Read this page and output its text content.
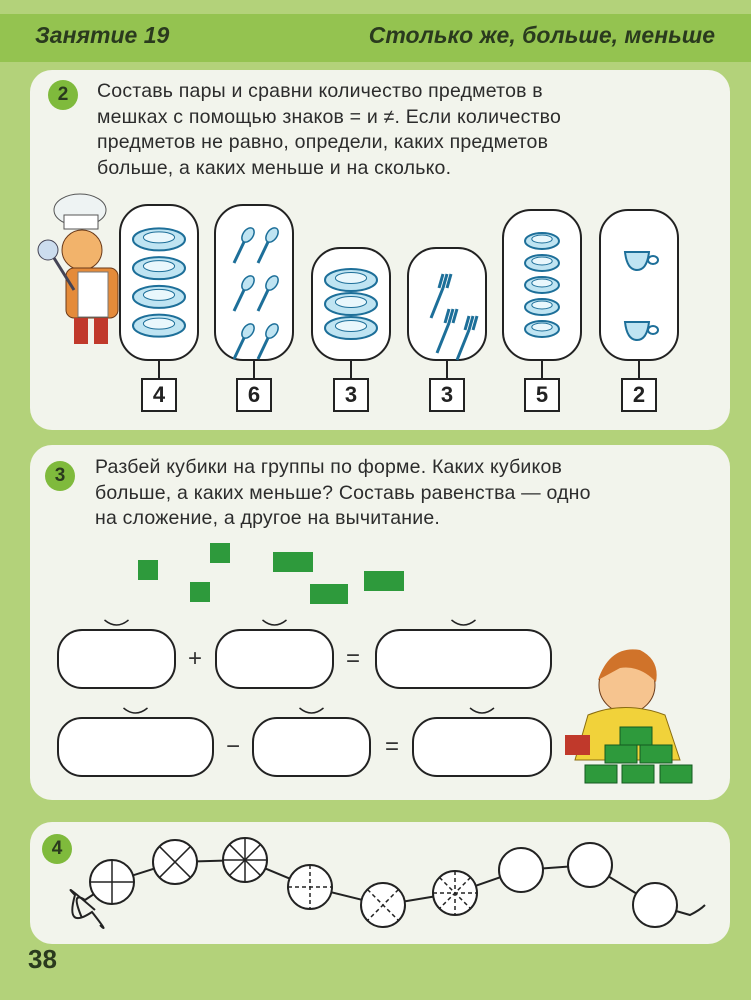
Занятие 19	Столько же, больше, меньше
2	Составь пары и сравни количество предметов в
мешках с помощью знаков = и ≠. Если количество
предметов не равно, определи, каких предметов
больше, а каких меньше и на сколько.
4	6	3	3	5	2
3	Разбей кубики на группы по форме. Каких кубиков
больше, а каких меньше? Составь равенства — одно
на сложение, а другое на вычитание.
+	=
−	=
4
38
